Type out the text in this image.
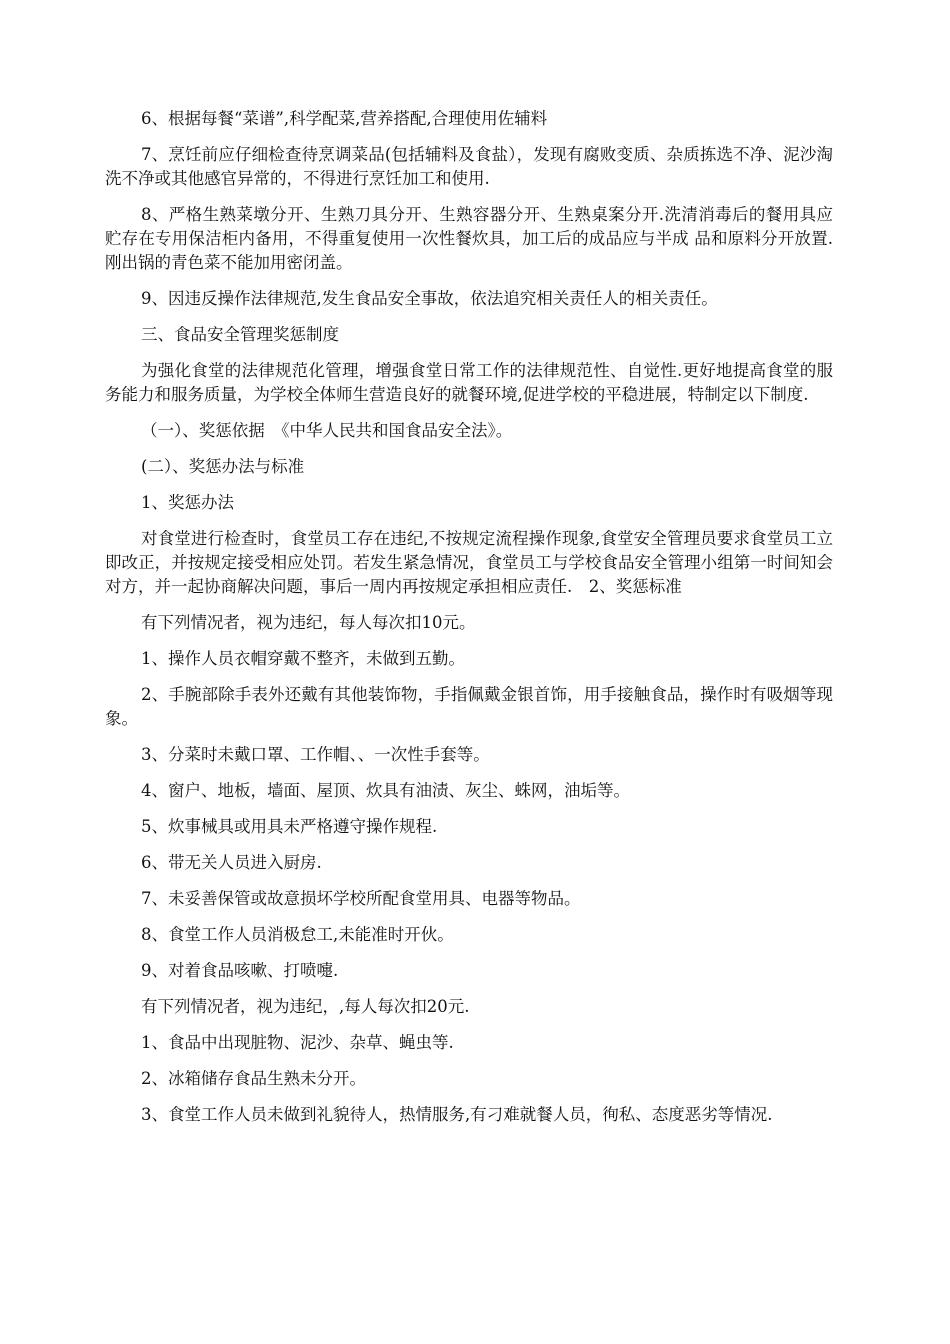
6、根据每餐“菜谱”,科学配菜,营养搭配,合理使用佐辅料

7、烹饪前应仔细检查待烹调菜品(包括辅料及食盐），发现有腐败变质、杂质拣选不净、泥沙淘洗不净或其他感官异常的，不得进行烹饪加工和使用.

8、严格生熟菜墩分开、生熟刀具分开、生熟容器分开、生熟桌案分开.洗清消毒后的餐用具应贮存在专用保洁柜内备用，不得重复使用一次性餐炊具，加工后的成品应与半成 品和原料分开放置.刚出锅的青色菜不能加用密闭盖。

9、因违反操作法律规范,发生食品安全事故，依法追究相关责任人的相关责任。

三、食品安全管理奖惩制度

为强化食堂的法律规范化管理，增强食堂日常工作的法律规范性、自觉性.更好地提高食堂的服务能力和服务质量，为学校全体师生营造良好的就餐环境,促进学校的平稳进展，特制定以下制度.

（一）、奖惩依据　《中华人民共和国食品安全法》。

(二）、奖惩办法与标准

1、奖惩办法

对食堂进行检查时，食堂员工存在违纪,不按规定流程操作现象,食堂安全管理员要求食堂员工立即改正，并按规定接受相应处罚。若发生紧急情况，食堂员工与学校食品安全管理小组第一时间知会对方，并一起协商解决问题，事后一周内再按规定承担相应责任.　2、奖惩标准

有下列情况者，视为违纪，每人每次扣10元。

1、操作人员衣帽穿戴不整齐，未做到五勤。

2、手腕部除手表外还戴有其他装饰物，手指佩戴金银首饰，用手接触食品，操作时有吸烟等现象。

3、分菜时未戴口罩、工作帽、、一次性手套等。

4、窗户、地板，墙面、屋顶、炊具有油渍、灰尘、蛛网，油垢等。

5、炊事械具或用具未严格遵守操作规程.

6、带无关人员进入厨房.

7、未妥善保管或故意损坏学校所配食堂用具、电器等物品。

8、食堂工作人员消极怠工,未能准时开伙。

9、对着食品咳嗽、打喷嚏.

有下列情况者，视为违纪，,每人每次扣20元.

1、食品中出现脏物、泥沙、杂草、蝇虫等.

2、冰箱储存食品生熟未分开。

3、食堂工作人员未做到礼貌待人，热情服务,有刁难就餐人员，徇私、态度恶劣等情况.
